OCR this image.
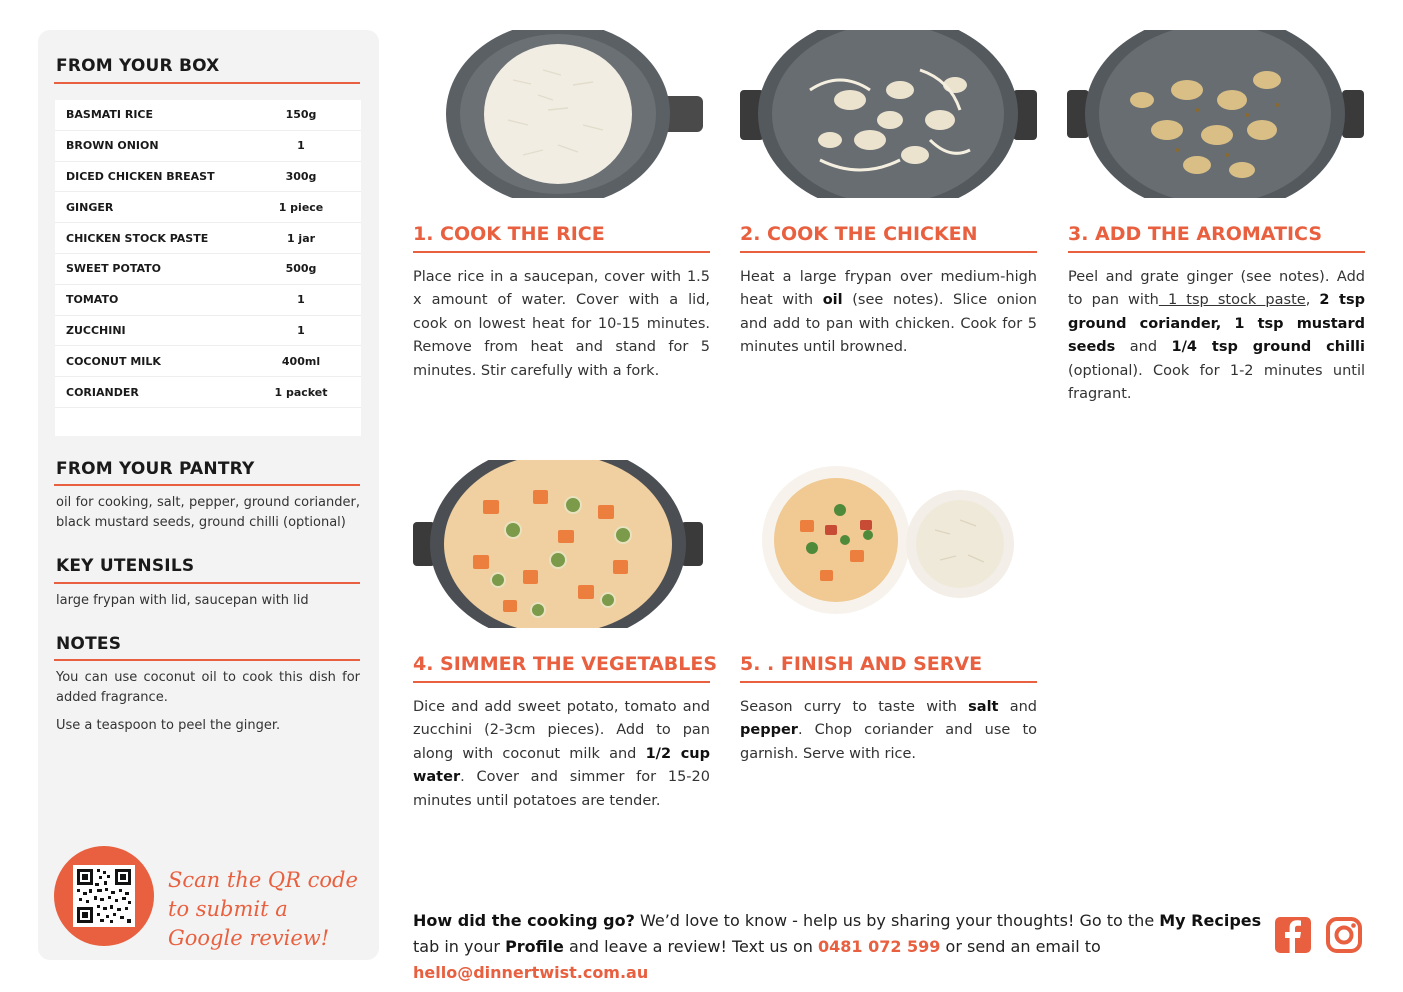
FROM YOUR BOX
BASMATI RICE	150g
BROWN ONION	1
DICED CHICKEN BREAST	300g
GINGER	1 piece
CHICKEN STOCK PASTE	1 jar
SWEET POTATO	500g
TOMATO	1
ZUCCHINI	1
COCONUT MILK	400ml
CORIANDER	1 packet
FROM YOUR PANTRY
oil for cooking, salt, pepper, ground coriander, black mustard seeds, ground chilli (optional)
KEY UTENSILS
large frypan with lid, saucepan with lid
NOTES
You can use coconut oil to cook this dish for added fragrance.
Use a teaspoon to peel the ginger.
Scan the QR code to submit a Google review!
1. COOK THE RICE	2. COOK THE CHICKEN	3. ADD THE AROMATICS
4. SIMMER THE VEGETABLES 5. . FINISH AND SERVE
Place rice in a saucepan, cover with 1.5 x amount of water. Cover with a lid, cook on lowest heat for 10-15 minutes. Remove from heat and stand for 5 minutes. Stir carefully with a fork.
Heat a large frypan over medium-high heat with oil (see notes). Slice onion and add to pan with chicken. Cook for 5 minutes until browned.
Peel and grate ginger (see notes). Add to pan with 1 tsp stock paste, 2 tsp ground coriander, 1 tsp mustard seeds and 1/4 tsp ground chilli (optional). Cook for 1-2 minutes until fragrant.
Dice and add sweet potato, tomato and zucchini (2-3cm pieces). Add to pan along with coconut milk and 1/2 cup water. Cover and simmer for 15-20 minutes until potatoes are tender.
Season curry to taste with salt and pepper. Chop coriander and use to garnish. Serve with rice.
How did the cooking go? We’d love to know - help us by sharing your thoughts! Go to the My Recipes tab in your Profile and leave a review! Text us on 0481 072 599 or send an email to hello@dinnertwist.com.au
